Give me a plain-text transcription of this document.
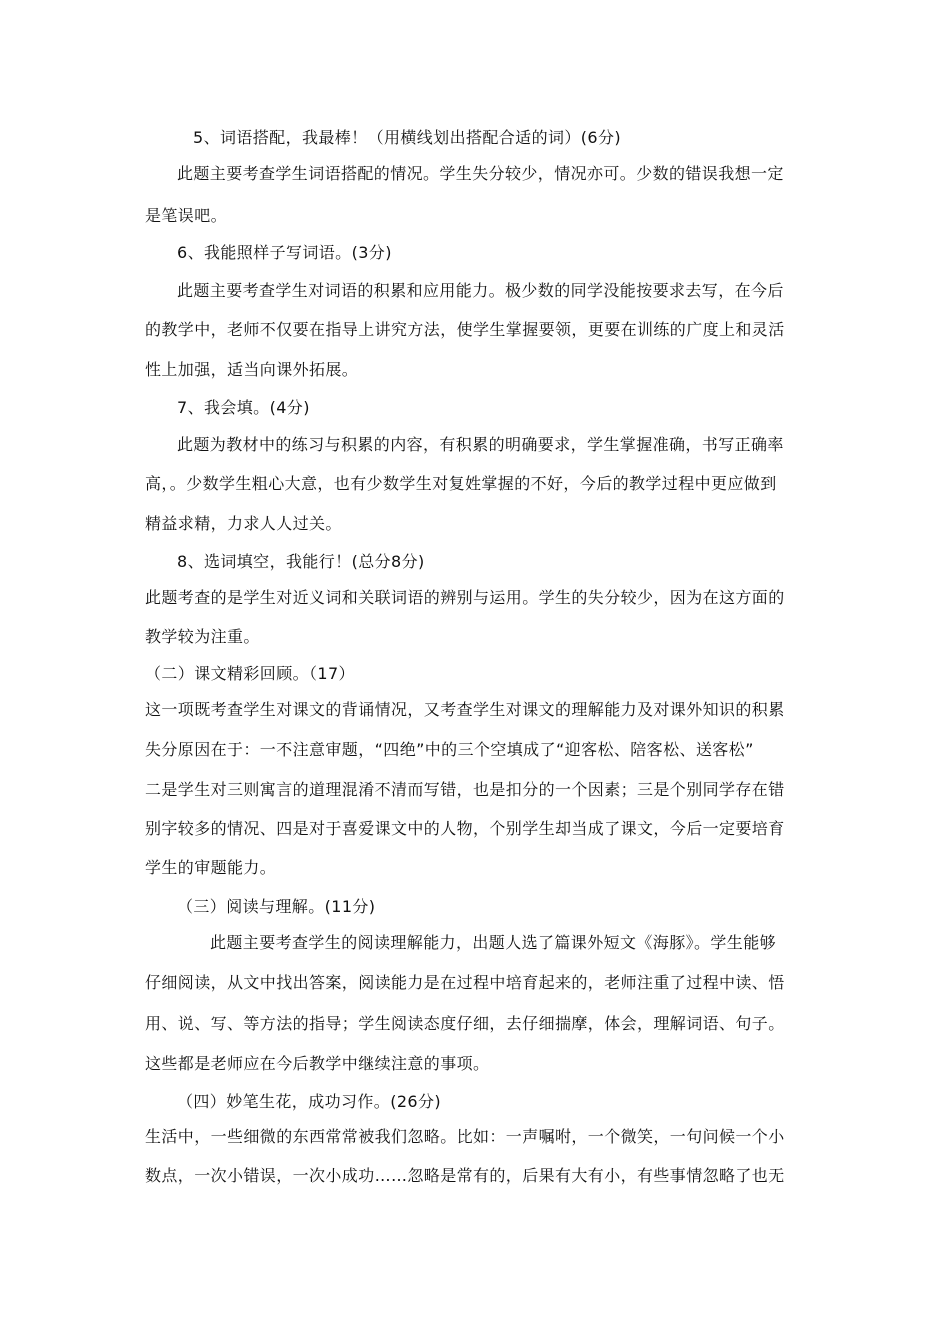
5、词语搭配，我最棒！（用横线划出搭配合适的词）(6分)
此题主要考查学生词语搭配的情况。学生失分较少，情况亦可。少数的错误我想一定
是笔误吧。
6、我能照样子写词语。(3分)
此题主要考查学生对词语的积累和应用能力。极少数的同学没能按要求去写，在今后
的教学中，老师不仅要在指导上讲究方法，使学生掌握要领，更要在训练的广度上和灵活
性上加强，适当向课外拓展。
7、我会填。(4分)
此题为教材中的练习与积累的内容，有积累的明确要求，学生掌握准确，书写正确率
高，。少数学生粗心大意，也有少数学生对复姓掌握的不好，今后的教学过程中更应做到
精益求精，力求人人过关。
8、选词填空，我能行！(总分8分)
此题考查的是学生对近义词和关联词语的辨别与运用。学生的失分较少，因为在这方面的
教学较为注重。
（二）课文精彩回顾。（17）
这一项既考查学生对课文的背诵情况，又考查学生对课文的理解能力及对课外知识的积累
失分原因在于：一不注意审题，“四绝”中的三个空填成了“迎客松、陪客松、送客松”
二是学生对三则寓言的道理混淆不清而写错，也是扣分的一个因素；三是个别同学存在错
别字较多的情况、四是对于喜爱课文中的人物，个别学生却当成了课文，今后一定要培育
学生的审题能力。
（三）阅读与理解。(11分)
此题主要考查学生的阅读理解能力，出题人选了篇课外短文《海豚》。学生能够
仔细阅读，从文中找出答案，阅读能力是在过程中培育起来的，老师注重了过程中读、悟
用、说、写、等方法的指导；学生阅读态度仔细，去仔细揣摩，体会，理解词语、句子。
这些都是老师应在今后教学中继续注意的事项。
（四）妙笔生花，成功习作。(26分)
生活中，一些细微的东西常常被我们忽略。比如：一声嘱咐，一个微笑，一句问候一个小
数点，一次小错误，一次小成功……忽略是常有的，后果有大有小，有些事情忽略了也无
